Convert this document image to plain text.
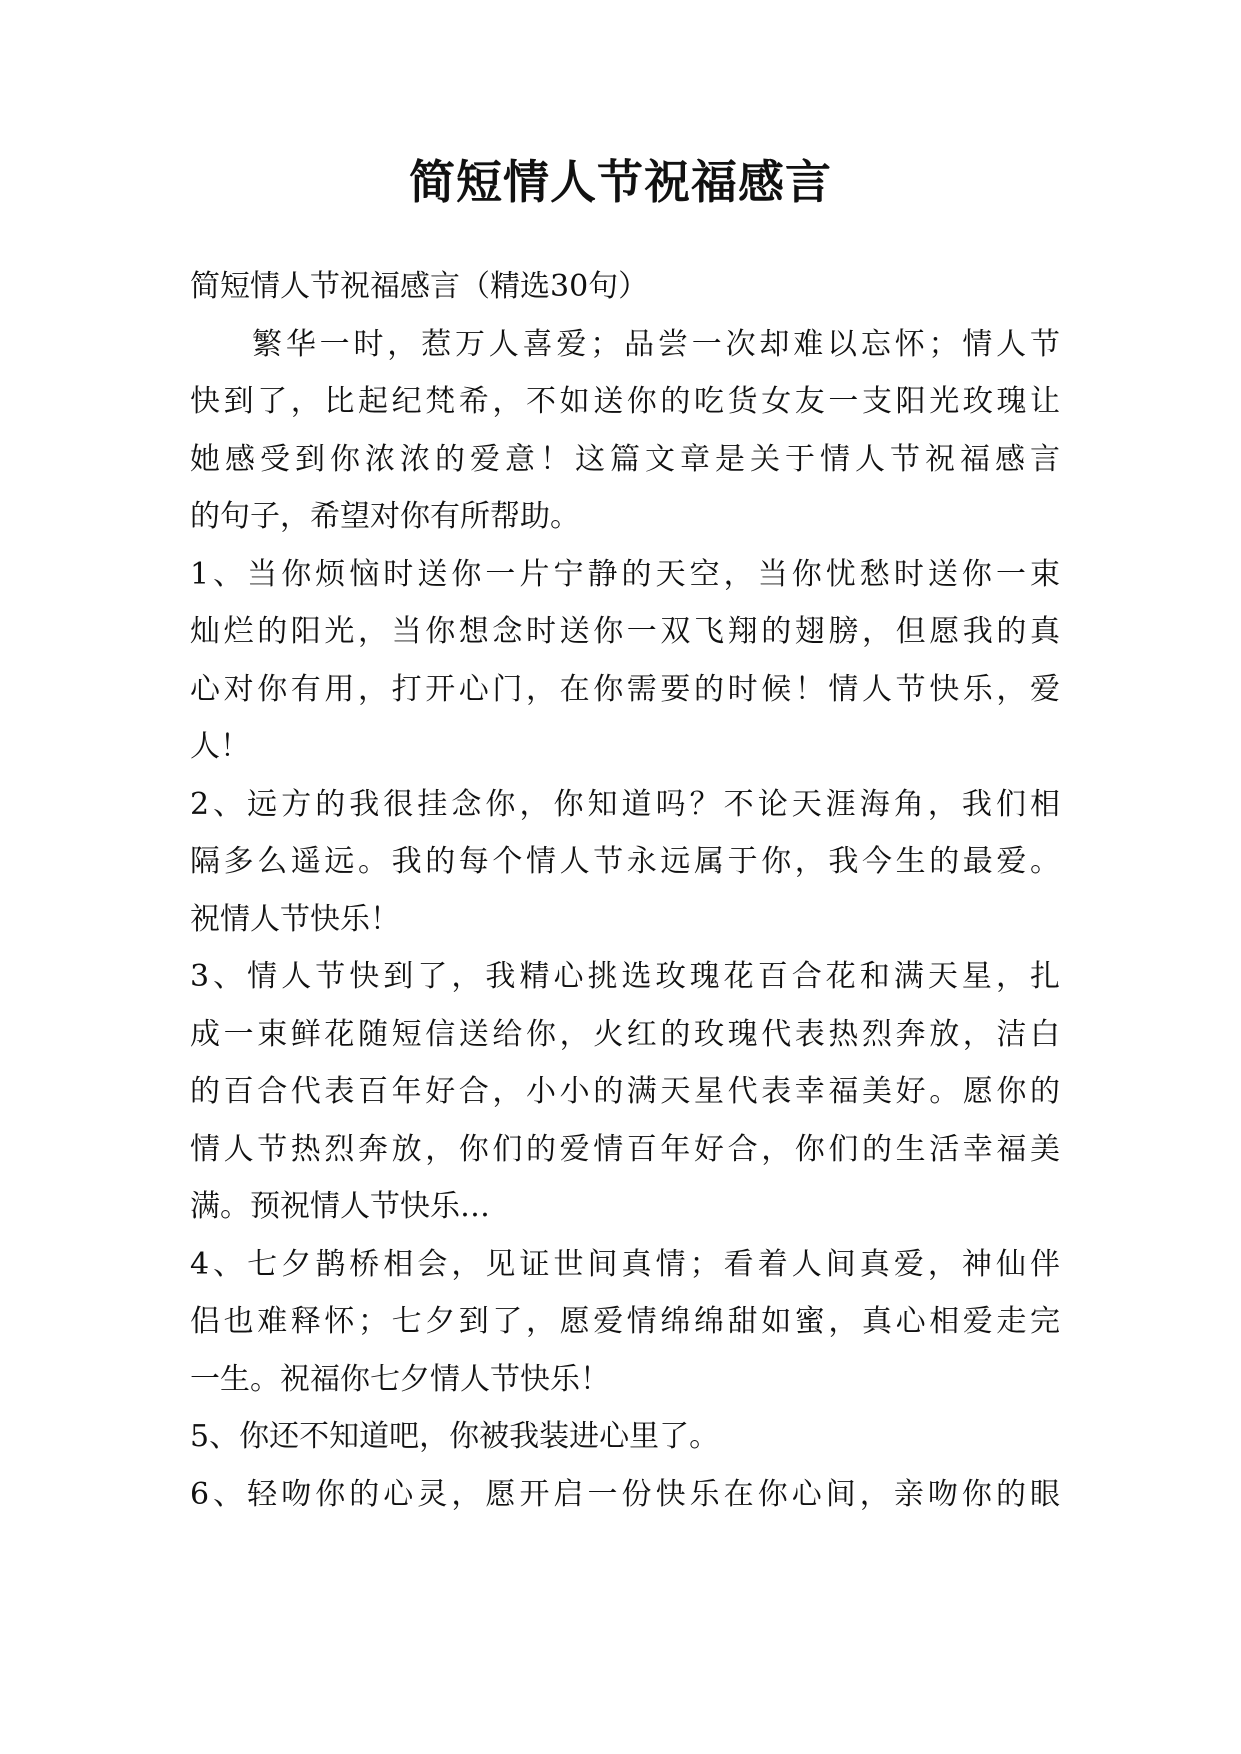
简短情人节祝福感言
简短情人节祝福感言（精选30句）
繁华一时，惹万人喜爱；品尝一次却难以忘怀；情人节
快到了，比起纪梵希，不如送你的吃货女友一支阳光玫瑰让
她感受到你浓浓的爱意！这篇文章是关于情人节祝福感言
的句子，希望对你有所帮助。
1、当你烦恼时送你一片宁静的天空，当你忧愁时送你一束
灿烂的阳光，当你想念时送你一双飞翔的翅膀，但愿我的真
心对你有用，打开心门，在你需要的时候！情人节快乐，爱
人！
2、远方的我很挂念你，你知道吗？不论天涯海角，我们相
隔多么遥远。我的每个情人节永远属于你，我今生的最爱。
祝情人节快乐！
3、情人节快到了，我精心挑选玫瑰花百合花和满天星，扎
成一束鲜花随短信送给你，火红的玫瑰代表热烈奔放，洁白
的百合代表百年好合，小小的满天星代表幸福美好。愿你的
情人节热烈奔放，你们的爱情百年好合，你们的生活幸福美
满。预祝情人节快乐…
4、七夕鹊桥相会，见证世间真情；看着人间真爱，神仙伴
侣也难释怀；七夕到了，愿爱情绵绵甜如蜜，真心相爱走完
一生。祝福你七夕情人节快乐！
5、你还不知道吧，你被我装进心里了。
6、轻吻你的心灵，愿开启一份快乐在你心间，亲吻你的眼
